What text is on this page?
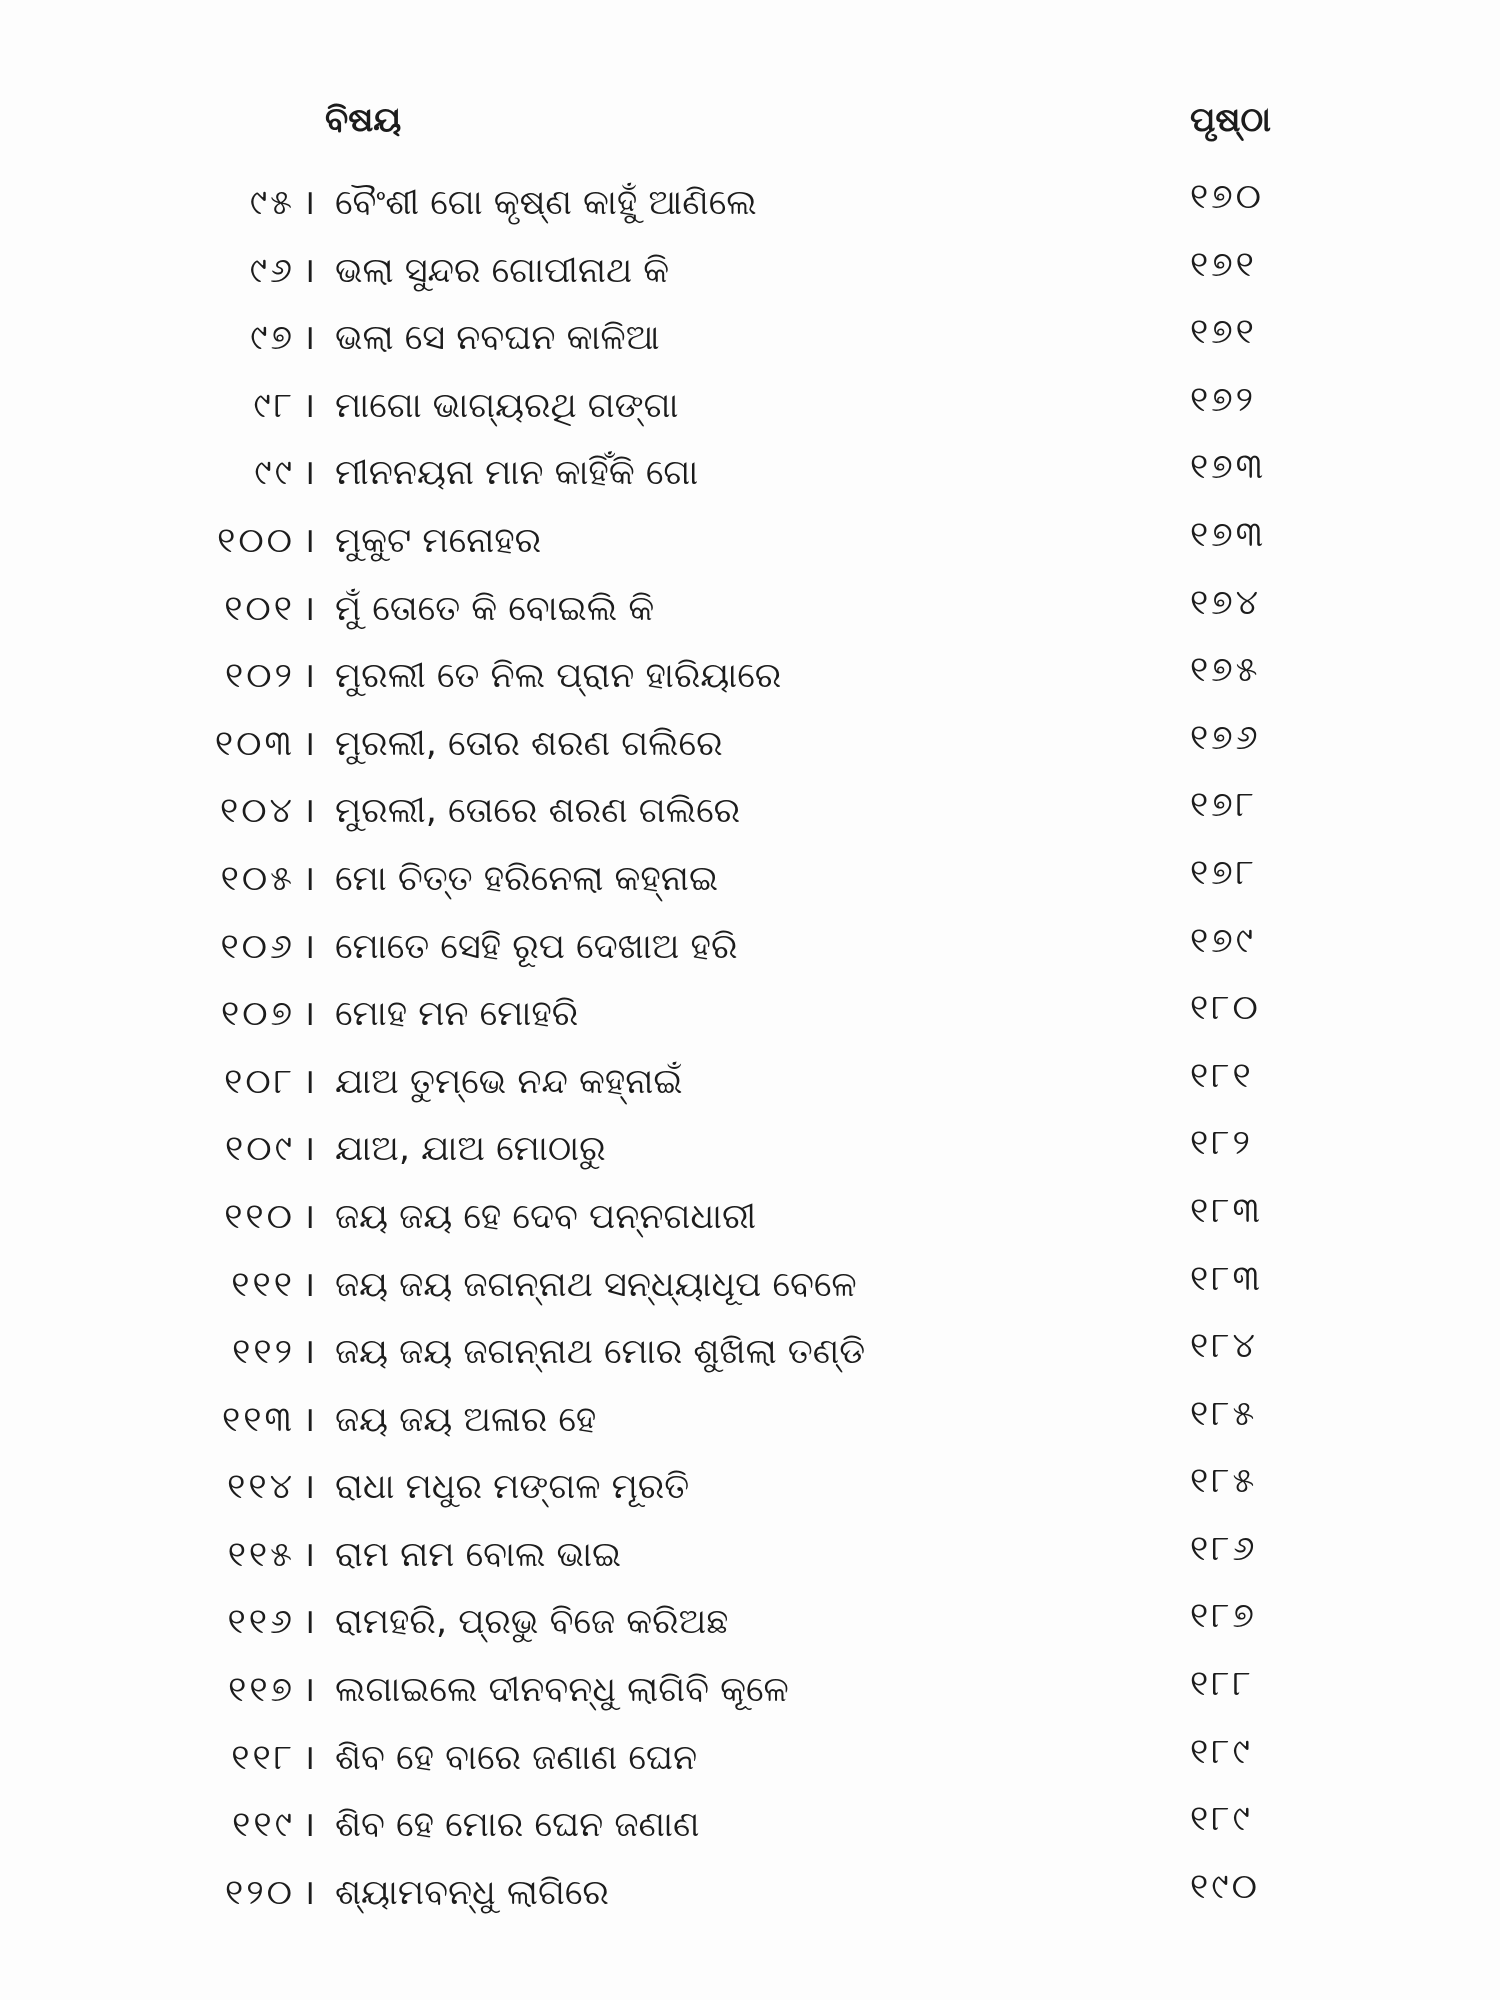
ବିଷୟ	ପୃଷ୍ଠା
୯୫ । ବୈଂଶୀ ଗୋ କୃଷ୍ଣ କାହୁଁ ଆଣିଲେ	୧୭୦
୯୬ । ଭଲା ସୁନ୍ଦର ଗୋପୀନାଥ କି	୧୭୧
୯୭ । ଭଲା ସେ ନବଘନ କାଳିଆ	୧୭୧
୯୮ । ମାଗୋ ଭାଗ୍ୟରଥି ଗଙ୍ଗା	୧୭୨
୯୯ । ମୀନନୟନା ମାନ କାହିଁକି ଗୋ	୧୭୩
୧୦୦ । ମୁକୁଟ ମନୋହର	୧୭୩
୧୦୧ । ମୁଁ ତୋତେ କି ବୋଇଲି କି	୧୭୪
୧୦୨ । ମୁରଲୀ ତେ ନିଲ ପ୍ରାନ ହାରିୟାରେ	୧୭୫
୧୦୩ । ମୁରଲୀ, ତୋର ଶରଣ ଗଲିରେ	୧୭୬
୧୦୪ । ମୁରଲୀ, ତୋରେ ଶରଣ ଗଲିରେ	୧୭୮
୧୦୫ । ମୋ ଚିତ୍ତ ହରିନେଲା କହ୍ନାଇ	୧୭୮
୧୦୬ । ମୋତେ ସେହି ରୂପ ଦେଖାଅ ହରି	୧୭୯
୧୦୭ । ମୋହ ମନ ମୋହରି	୧୮୦
୧୦୮ । ଯାଅ ତୁମ୍ଭେ ନନ୍ଦ କହ୍ନାଇଁ	୧୮୧
୧୦୯ । ଯାଅ, ଯାଅ ମୋଠାରୁ	୧୮୨
୧୧୦ । ଜୟ ଜୟ ହେ ଦେବ ପନ୍ନଗଧାରୀ	୧୮୩
୧୧୧ । ଜୟ ଜୟ ଜଗନ୍ନାଥ ସନ୍ଧ୍ୟାଧୂପ ବେଳେ	୧୮୩
୧୧୨ । ଜୟ ଜୟ ଜଗନ୍ନାଥ ମୋର ଶୁଖିଲା ତଣ୍ଡି	୧୮୪
୧୧୩ । ଜୟ ଜୟ ଅଳାର ହେ	୧୮୫
୧୧୪ । ରାଧା ମଧୁର ମଙ୍ଗଳ ମୂରତି	୧୮୫
୧୧୫ । ରାମ ନାମ ବୋଲ ଭାଇ	୧୮୬
୧୧୬ । ରାମହରି, ପ୍ରଭୁ ବିଜେ କରିଅଛ	୧୮୭
୧୧୭ । ଲଗାଇଲେ ଦୀନବନ୍ଧୁ ଲାଗିବି କୂଳେ	୧୮୮
୧୧୮ । ଶିବ ହେ ବାରେ ଜଣାଣ ଘେନ	୧୮୯
୧୧୯ । ଶିବ ହେ ମୋର ଘେନ ଜଣାଣ	୧୮୯
୧୨୦ । ଶ୍ୟାମବନ୍ଧୁ ଲାଗିରେ	୧୯୦
